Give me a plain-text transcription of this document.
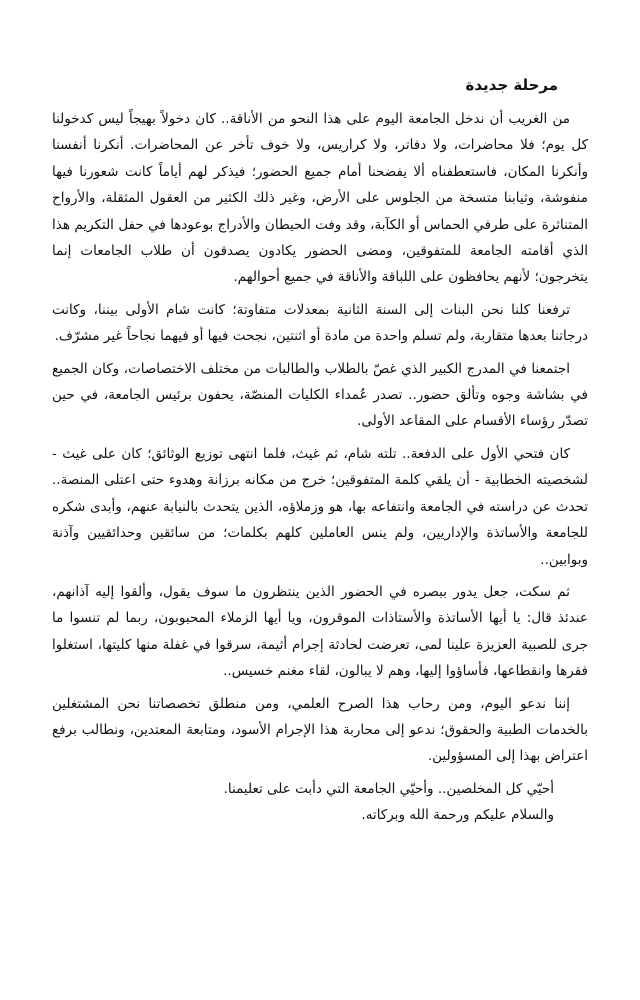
مرحلة جديدة

من الغريب أن ندخل الجامعة اليوم على هذا النحو من الأناقة.. كان دخولاً بهيجاً ليس كدخولنا كل يوم؛ فلا محاضرات، ولا دفاتر، ولا كراريس، ولا خوف تأخر عن المحاضرات. أنكرنا أنفسنا وأنكرنا المكان، فاستعطفناه ألا يفضحنا أمام جميع الحضور؛ فيذكر لهم أياماً كانت شعورنا فيها منفوشة، وثيابنا متسخة من الجلوس على الأرض، وغير ذلك الكثير من العقول المثقلة، والأرواح المتناثرة على طرفي الحماس أو الكآبة، وقد وفت الحيطان والأدراج بوعودها في حفل التكريم هذا الذي أقامته الجامعة للمتفوقين، ومضى الحضور يكادون يصدقون أن طلاب الجامعات إنما يتخرجون؛ لأنهم يحافظون على اللباقة والأناقة في جميع أحوالهم.

ترفعنا كلنا نحن البنات إلى السنة الثانية بمعدلات متفاوتة؛ كانت شام الأولى بيننا، وكانت درجاتنا بعدها متقاربة، ولم تسلم واحدة من مادة أو اثنتين، نجحت فيها أو فيهما نجاحاً غير مشرّف.

اجتمعنا في المدرج الكبير الذي غصّ بالطلاب والطالبات من مختلف الاختصاصات، وكان الجميع في بشاشة وجوه وتألق حضور.. تصدر عُمداء الكليات المنصّة، يحفون برئيس الجامعة، في حين تصدّر رؤساء الأقسام على المقاعد الأولى.

كان فتحي الأول على الدفعة.. تلته شام، ثم غيث، فلما انتهى توزيع الوثائق؛ كان على غيث - لشخصيته الخطابية - أن يلقي كلمة المتفوقين؛ خرج من مكانه برزانة وهدوء حتى اعتلى المنصة.. تحدث عن دراسته في الجامعة وانتفاعه بها، هو وزملاؤه، الذين يتحدث بالنيابة عنهم، وأبدى شكره للجامعة والأساتذة والإداريين، ولم ينس العاملين كلهم بكلمات؛ من سائقين وحدائقيين وآذنة وبوابين..

ثم سكت، جعل يدور ببصره في الحضور الذين ينتظرون ما سوف يقول، وألقوا إليه آذانهم، عندئذ قال: يا أيها الأساتذة والأستاذات الموقرون، ويا أيها الزملاء المحبوبون، ربما لم تنسوا ما جرى للصبية العزيزة علينا لمى، تعرضت لحادثة إجرام أثيمة، سرقوا في غفلة منها كليتها، استغلوا فقرها وانقطاعها، فأساؤوا إليها، وهم لا يبالون، لقاء مغنم خسيس..

إننا ندعو اليوم، ومن رحاب هذا الصرح العلمي، ومن منطلق تخصصاتنا نحن المشتغلين بالخدمات الطبية والحقوق؛ ندعو إلى محاربة هذا الإجرام الأسود، ومتابعة المعتدين، ونطالب برفع اعتراض بهذا إلى المسؤولين.

أحيّي كل المخلصين.. وأحيّي الجامعة التي دأبت على تعليمنا.

والسلام عليكم ورحمة الله وبركاته.
